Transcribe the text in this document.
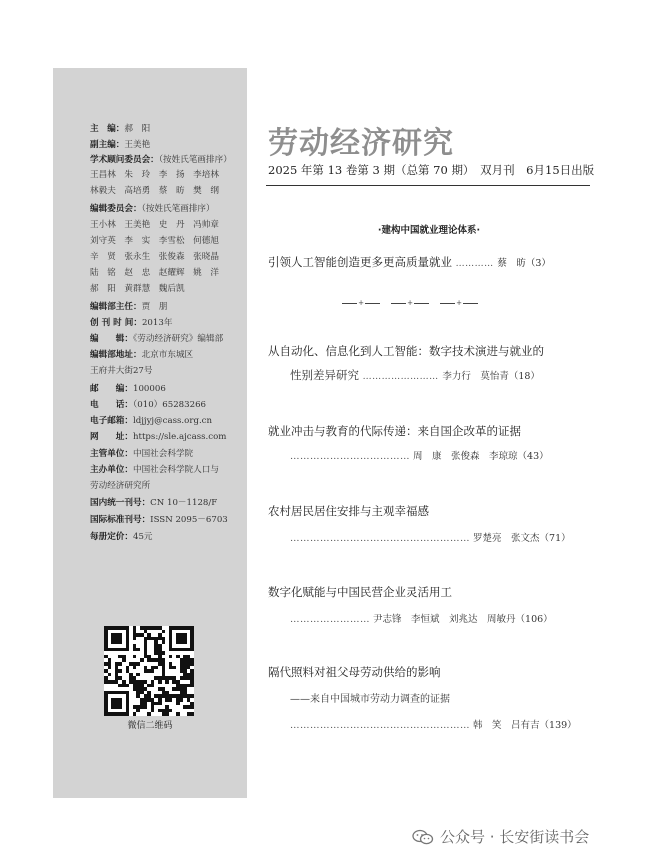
主　编：郝　阳
副主编：王美艳
学术顾问委员会：（按姓氏笔画排序）
王昌林　朱　玲　李　扬　李培林
林毅夫　高培勇　蔡　昉　樊　纲
编辑委员会：（按姓氏笔画排序）
王小林　王美艳　史　丹　冯帅章
刘守英　李　实　李雪松　何德旭
辛　贤　张永生　张俊森　张晓晶
陆　铭　赵　忠　赵耀辉　姚　洋
郝　阳　黄群慧　魏后凯
编辑部主任：贾　朋
创 刊 时 间：2013年
编　　辑：《劳动经济研究》编辑部
编辑部地址：北京市东城区
王府井大街27号
邮　　编：100006
电　　话：（010）65283266
电子邮箱：ldjjyj@cass.org.cn
网　　址：https://sle.ajcass.com
主管单位：中国社会科学院
主办单位：中国社会科学院人口与
劳动经济研究所
国内统一刊号：CN 10－1128/F
国际标准刊号：ISSN 2095－6703
每册定价：45元
微信二维码
劳动经济研究
2025 年第 13 卷第 3 期（总第 70 期）　双月刊　6月15日出版
·建构中国就业理论体系·
引领人工智能创造更多更高质量就业 ………… 蔡　昉（3）
+
+
+
从自动化、信息化到人工智能：数字技术演进与就业的
性别差异研究 …………………… 李力行　莫怡青（18）
就业冲击与教育的代际传递：来自国企改革的证据
……………………………… 周　康　张俊森　李琼琼（43）
农村居民居住安排与主观幸福感
……………………………………………… 罗楚亮　张文杰（71）
数字化赋能与中国民营企业灵活用工
…………………… 尹志锋　李恒斌　刘兆达　周敏丹（106）
隔代照料对祖父母劳动供给的影响
——来自中国城市劳动力调查的证据
……………………………………………… 韩　笑　吕有吉（139）
公众号 · 长安街读书会
